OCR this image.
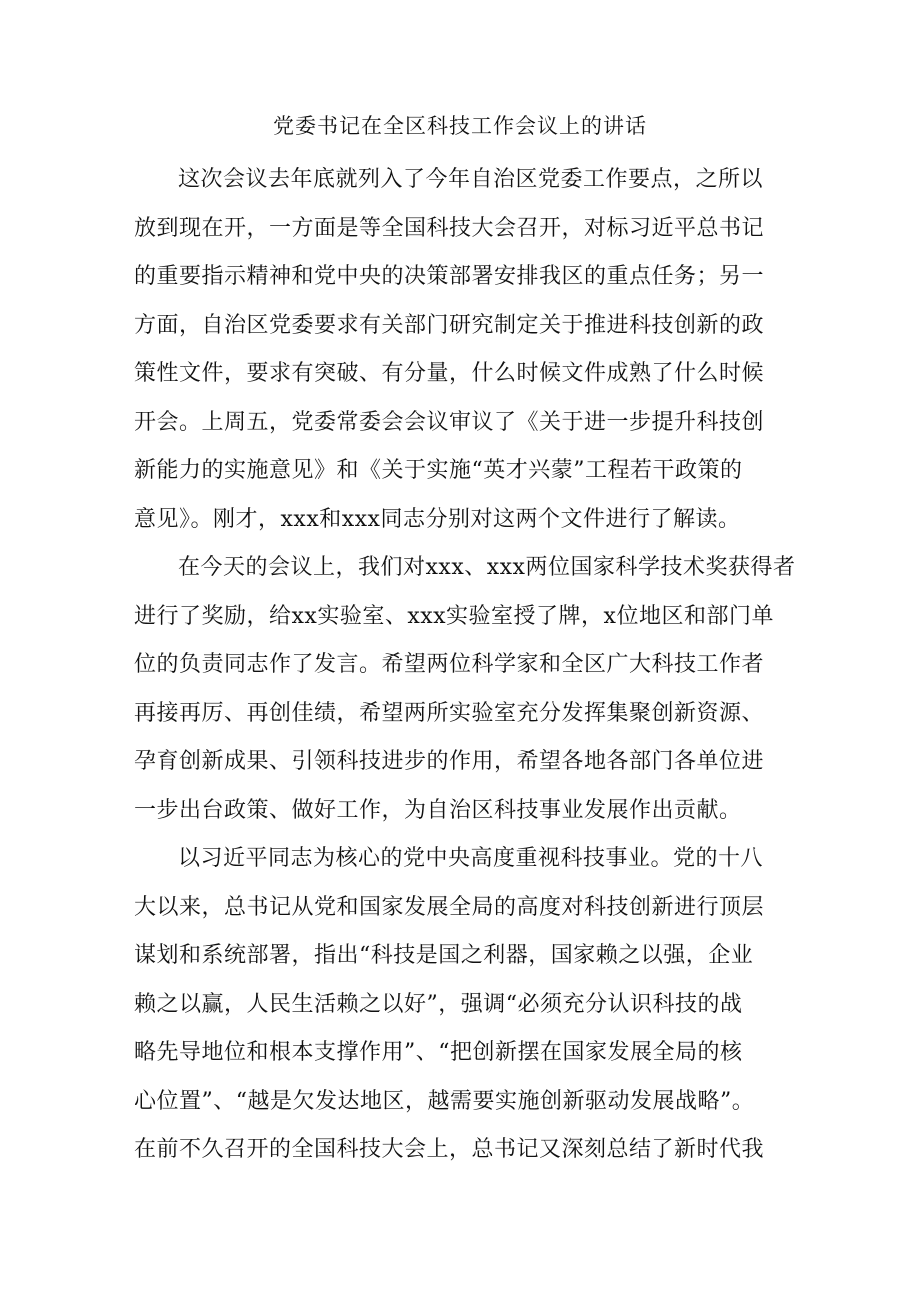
党委书记在全区科技工作会议上的讲话
这次会议去年底就列入了今年自治区党委工作要点，之所以
放到现在开，一方面是等全国科技大会召开，对标习近平总书记
的重要指示精神和党中央的决策部署安排我区的重点任务；另一
方面，自治区党委要求有关部门研究制定关于推进科技创新的政
策性文件，要求有突破、有分量，什么时候文件成熟了什么时候
开会。上周五，党委常委会会议审议了《关于进一步提升科技创
新能力的实施意见》和《关于实施“英才兴蒙”工程若干政策的
意见》。刚才，xxx和xxx同志分别对这两个文件进行了解读。
在今天的会议上，我们对xxx、xxx两位国家科学技术奖获得者
进行了奖励，给xx实验室、xxx实验室授了牌，x位地区和部门单
位的负责同志作了发言。希望两位科学家和全区广大科技工作者
再接再厉、再创佳绩，希望两所实验室充分发挥集聚创新资源、
孕育创新成果、引领科技进步的作用，希望各地各部门各单位进
一步出台政策、做好工作，为自治区科技事业发展作出贡献。
以习近平同志为核心的党中央高度重视科技事业。党的十八
大以来，总书记从党和国家发展全局的高度对科技创新进行顶层
谋划和系统部署，指出“科技是国之利器，国家赖之以强，企业
赖之以赢，人民生活赖之以好”，强调“必须充分认识科技的战
略先导地位和根本支撑作用”、“把创新摆在国家发展全局的核
心位置”、“越是欠发达地区，越需要实施创新驱动发展战略”。
在前不久召开的全国科技大会上，总书记又深刻总结了新时代我
